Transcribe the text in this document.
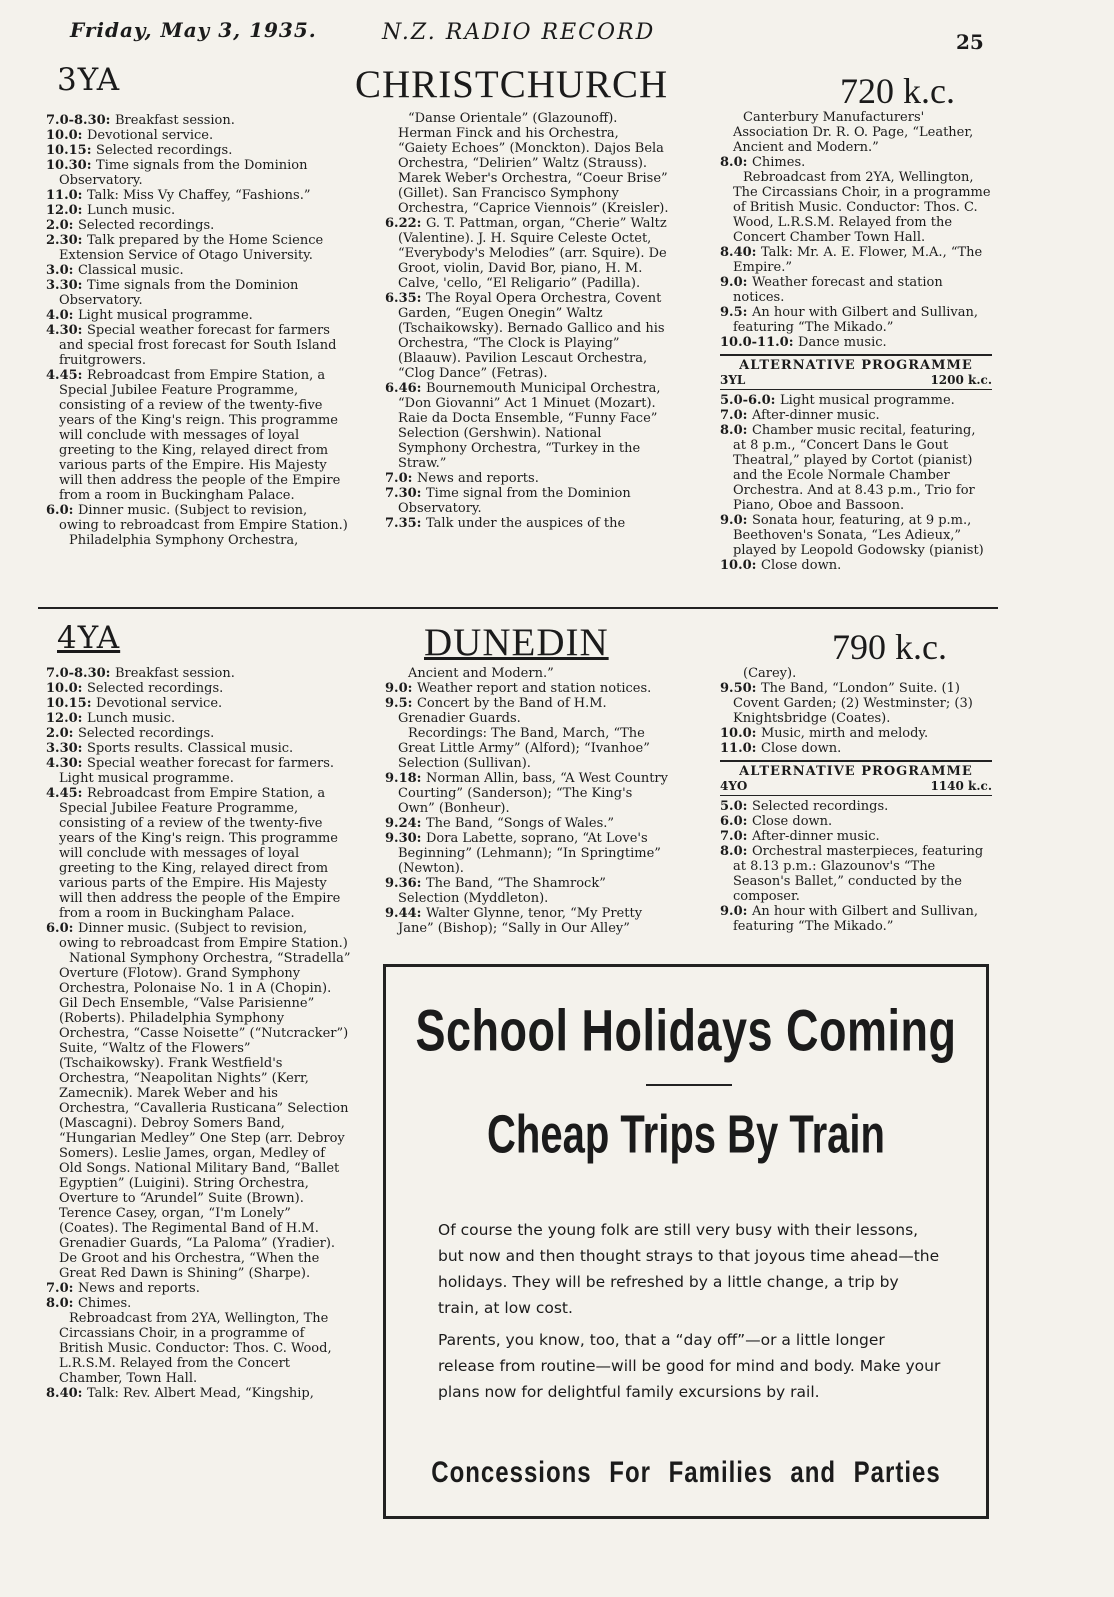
Friday, May 3, 1935.	N.Z. RADIO RECORD	25
3YA	CHRISTCHURCH	720 k.c.

7.0-8.30: Breakfast session.

10.0: Devotional service.

10.15: Selected recordings.

10.30: Time signals from the Dominion Observatory.

11.0: Talk: Miss Vy Chaffey, “Fashions.”

12.0: Lunch music.

2.0: Selected recordings.

2.30: Talk prepared by the Home Science Extension Service of Otago University.

3.0: Classical music.

3.30: Time signals from the Dominion Observatory.

4.0: Light musical programme.

4.30: Special weather forecast for farmers and special frost forecast for South Island fruitgrowers.

4.45: Rebroadcast from Empire Station, a Special Jubilee Feature Programme, consisting of a review of the twenty-five years of the King's reign. This programme will conclude with messages of loyal greeting to the King, relayed direct from various parts of the Empire. His Majesty will then address the people of the Empire from a room in Buckingham Palace.

6.0: Dinner music. (Subject to revision, owing to rebroadcast from Empire Station.)

Philadelphia Symphony Orchestra,

“Danse Orientale” (Glazounoff). Herman Finck and his Orchestra, “Gaiety Echoes” (Monckton). Dajos Bela Orchestra, “Delirien” Waltz (Strauss). Marek Weber's Orchestra, “Coeur Brise” (Gillet). San Francisco Symphony Orchestra, “Caprice Viennois” (Kreisler).

6.22: G. T. Pattman, organ, “Cherie” Waltz (Valentine). J. H. Squire Celeste Octet, “Everybody's Melodies” (arr. Squire). De Groot, violin, David Bor, piano, H. M. Calve, 'cello, “El Religario” (Padilla).

6.35: The Royal Opera Orchestra, Covent Garden, “Eugen Onegin” Waltz (Tschaikowsky). Bernado Gallico and his Orchestra, “The Clock is Playing” (Blaauw). Pavilion Lescaut Orchestra, “Clog Dance” (Fetras).

6.46: Bournemouth Municipal Orchestra, “Don Giovanni” Act 1 Minuet (Mozart). Raie da Docta Ensemble, “Funny Face” Selection (Gershwin). National Symphony Orchestra, “Turkey in the Straw.”

7.0: News and reports.

7.30: Time signal from the Dominion Observatory.

7.35: Talk under the auspices of the

Canterbury Manufacturers' Association Dr. R. O. Page, “Leather, Ancient and Modern.”

8.0: Chimes.

Rebroadcast from 2YA, Wellington, The Circassians Choir, in a programme of British Music. Conductor: Thos. C. Wood, L.R.S.M. Relayed from the Concert Chamber Town Hall.

8.40: Talk: Mr. A. E. Flower, M.A., “The Empire.”

9.0: Weather forecast and station notices.

9.5: An hour with Gilbert and Sullivan, featuring “The Mikado.”

10.0-11.0: Dance music.

ALTERNATIVE PROGRAMME
3YL	1200 k.c.

5.0-6.0: Light musical programme.

7.0: After-dinner music.

8.0: Chamber music recital, featuring, at 8 p.m., “Concert Dans le Gout Theatral,” played by Cortot (pianist) and the Ecole Normale Chamber Orchestra. And at 8.43 p.m., Trio for Piano, Oboe and Bassoon.

9.0: Sonata hour, featuring, at 9 p.m., Beethoven's Sonata, “Les Adieux,” played by Leopold Godowsky (pianist)

10.0: Close down.

4YA	DUNEDIN	790 k.c.

7.0-8.30: Breakfast session.

10.0: Selected recordings.

10.15: Devotional service.

12.0: Lunch music.

2.0: Selected recordings.

3.30: Sports results. Classical music.

4.30: Special weather forecast for farmers. Light musical programme.

4.45: Rebroadcast from Empire Station, a Special Jubilee Feature Programme, consisting of a review of the twenty-five years of the King's reign. This programme will conclude with messages of loyal greeting to the King, relayed direct from various parts of the Empire. His Majesty will then address the people of the Empire from a room in Buckingham Palace.

6.0: Dinner music. (Subject to revision, owing to rebroadcast from Empire Station.)

National Symphony Orchestra, “Stradella” Overture (Flotow). Grand Symphony Orchestra, Polonaise No. 1 in A (Chopin). Gil Dech Ensemble, “Valse Parisienne” (Roberts). Philadelphia Symphony Orchestra, “Casse Noisette” (“Nutcracker”) Suite, “Waltz of the Flowers” (Tschaikowsky). Frank Westfield's Orchestra, “Neapolitan Nights” (Kerr, Zamecnik). Marek Weber and his Orchestra, “Cavalleria Rusticana” Selection (Mascagni). Debroy Somers Band, “Hungarian Medley” One Step (arr. Debroy Somers). Leslie James, organ, Medley of Old Songs. National Military Band, “Ballet Egyptien” (Luigini). String Orchestra, Overture to “Arundel” Suite (Brown). Terence Casey, organ, “I'm Lonely” (Coates). The Regimental Band of H.M. Grenadier Guards, “La Paloma” (Yradier). De Groot and his Orchestra, “When the Great Red Dawn is Shining” (Sharpe).

7.0: News and reports.

8.0: Chimes.

Rebroadcast from 2YA, Wellington, The Circassians Choir, in a programme of British Music. Conductor: Thos. C. Wood, L.R.S.M. Relayed from the Concert Chamber, Town Hall.

8.40: Talk: Rev. Albert Mead, “Kingship,

Ancient and Modern.”

9.0: Weather report and station notices.

9.5: Concert by the Band of H.M. Grenadier Guards.

Recordings: The Band, March, “The Great Little Army” (Alford); “Ivanhoe” Selection (Sullivan).

9.18: Norman Allin, bass, “A West Country Courting” (Sanderson); “The King's Own” (Bonheur).

9.24: The Band, “Songs of Wales.”

9.30: Dora Labette, soprano, “At Love's Beginning” (Lehmann); “In Springtime” (Newton).

9.36: The Band, “The Shamrock” Selection (Myddleton).

9.44: Walter Glynne, tenor, “My Pretty Jane” (Bishop); “Sally in Our Alley”

(Carey).

9.50: The Band, “London” Suite. (1) Covent Garden; (2) Westminster; (3) Knightsbridge (Coates).

10.0: Music, mirth and melody.

11.0: Close down.

ALTERNATIVE PROGRAMME
4YO	1140 k.c.

5.0: Selected recordings.

6.0: Close down.

7.0: After-dinner music.

8.0: Orchestral masterpieces, featuring at 8.13 p.m.: Glazounov's “The Season's Ballet,” conducted by the composer.

9.0: An hour with Gilbert and Sullivan, featuring “The Mikado.”

School Holidays Coming
Cheap Trips By Train

Of course the young folk are still very busy with their lessons, but now and then thought strays to that joyous time ahead—the holidays. They will be refreshed by a little change, a trip by train, at low cost.

Parents, you know, too, that a “day off”—or a little longer release from routine—will be good for mind and body. Make your plans now for delightful family excursions by rail.

Concessions For Families and Parties
